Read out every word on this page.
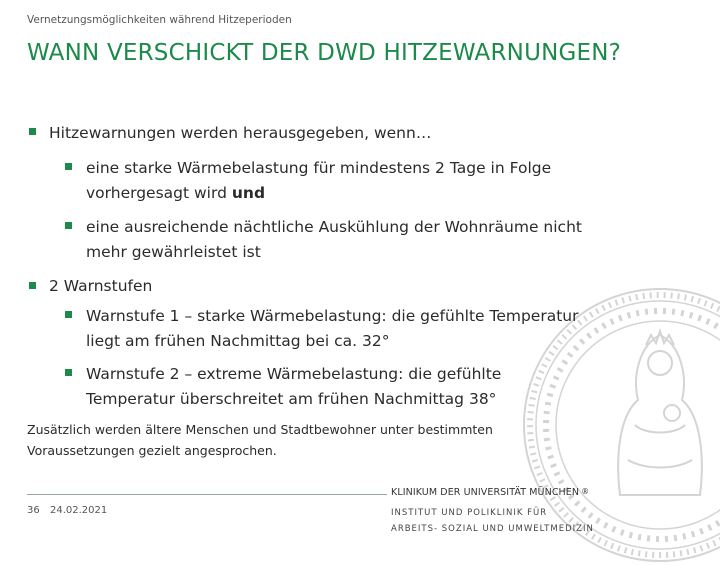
Vernetzungsmöglichkeiten während Hitzeperioden
WANN VERSCHICKT DER DWD HITZEWARNUNGEN?
Hitzewarnungen werden herausgegeben, wenn…
eine starke Wärmebelastung für mindestens 2 Tage in Folge
vorhergesagt wird und
eine ausreichende nächtliche Auskühlung der Wohnräume nicht
mehr gewährleistet ist
2 Warnstufen
Warnstufe 1 – starke Wärmebelastung: die gefühlte Temperatur
liegt am frühen Nachmittag bei ca. 32°
Warnstufe 2 – extreme Wärmebelastung: die gefühlte
Temperatur überschreitet am frühen Nachmittag 38°
Zusätzlich werden ältere Menschen und Stadtbewohner unter bestimmten
Voraussetzungen gezielt angesprochen.
36 24.02.2021
KLINIKUM DER UNIVERSITÄT MÜNCHEN ®
INSTITUT UND POLIKLINIK FÜR
ARBEITS- SOZIAL UND UMWELTMEDIZIN
